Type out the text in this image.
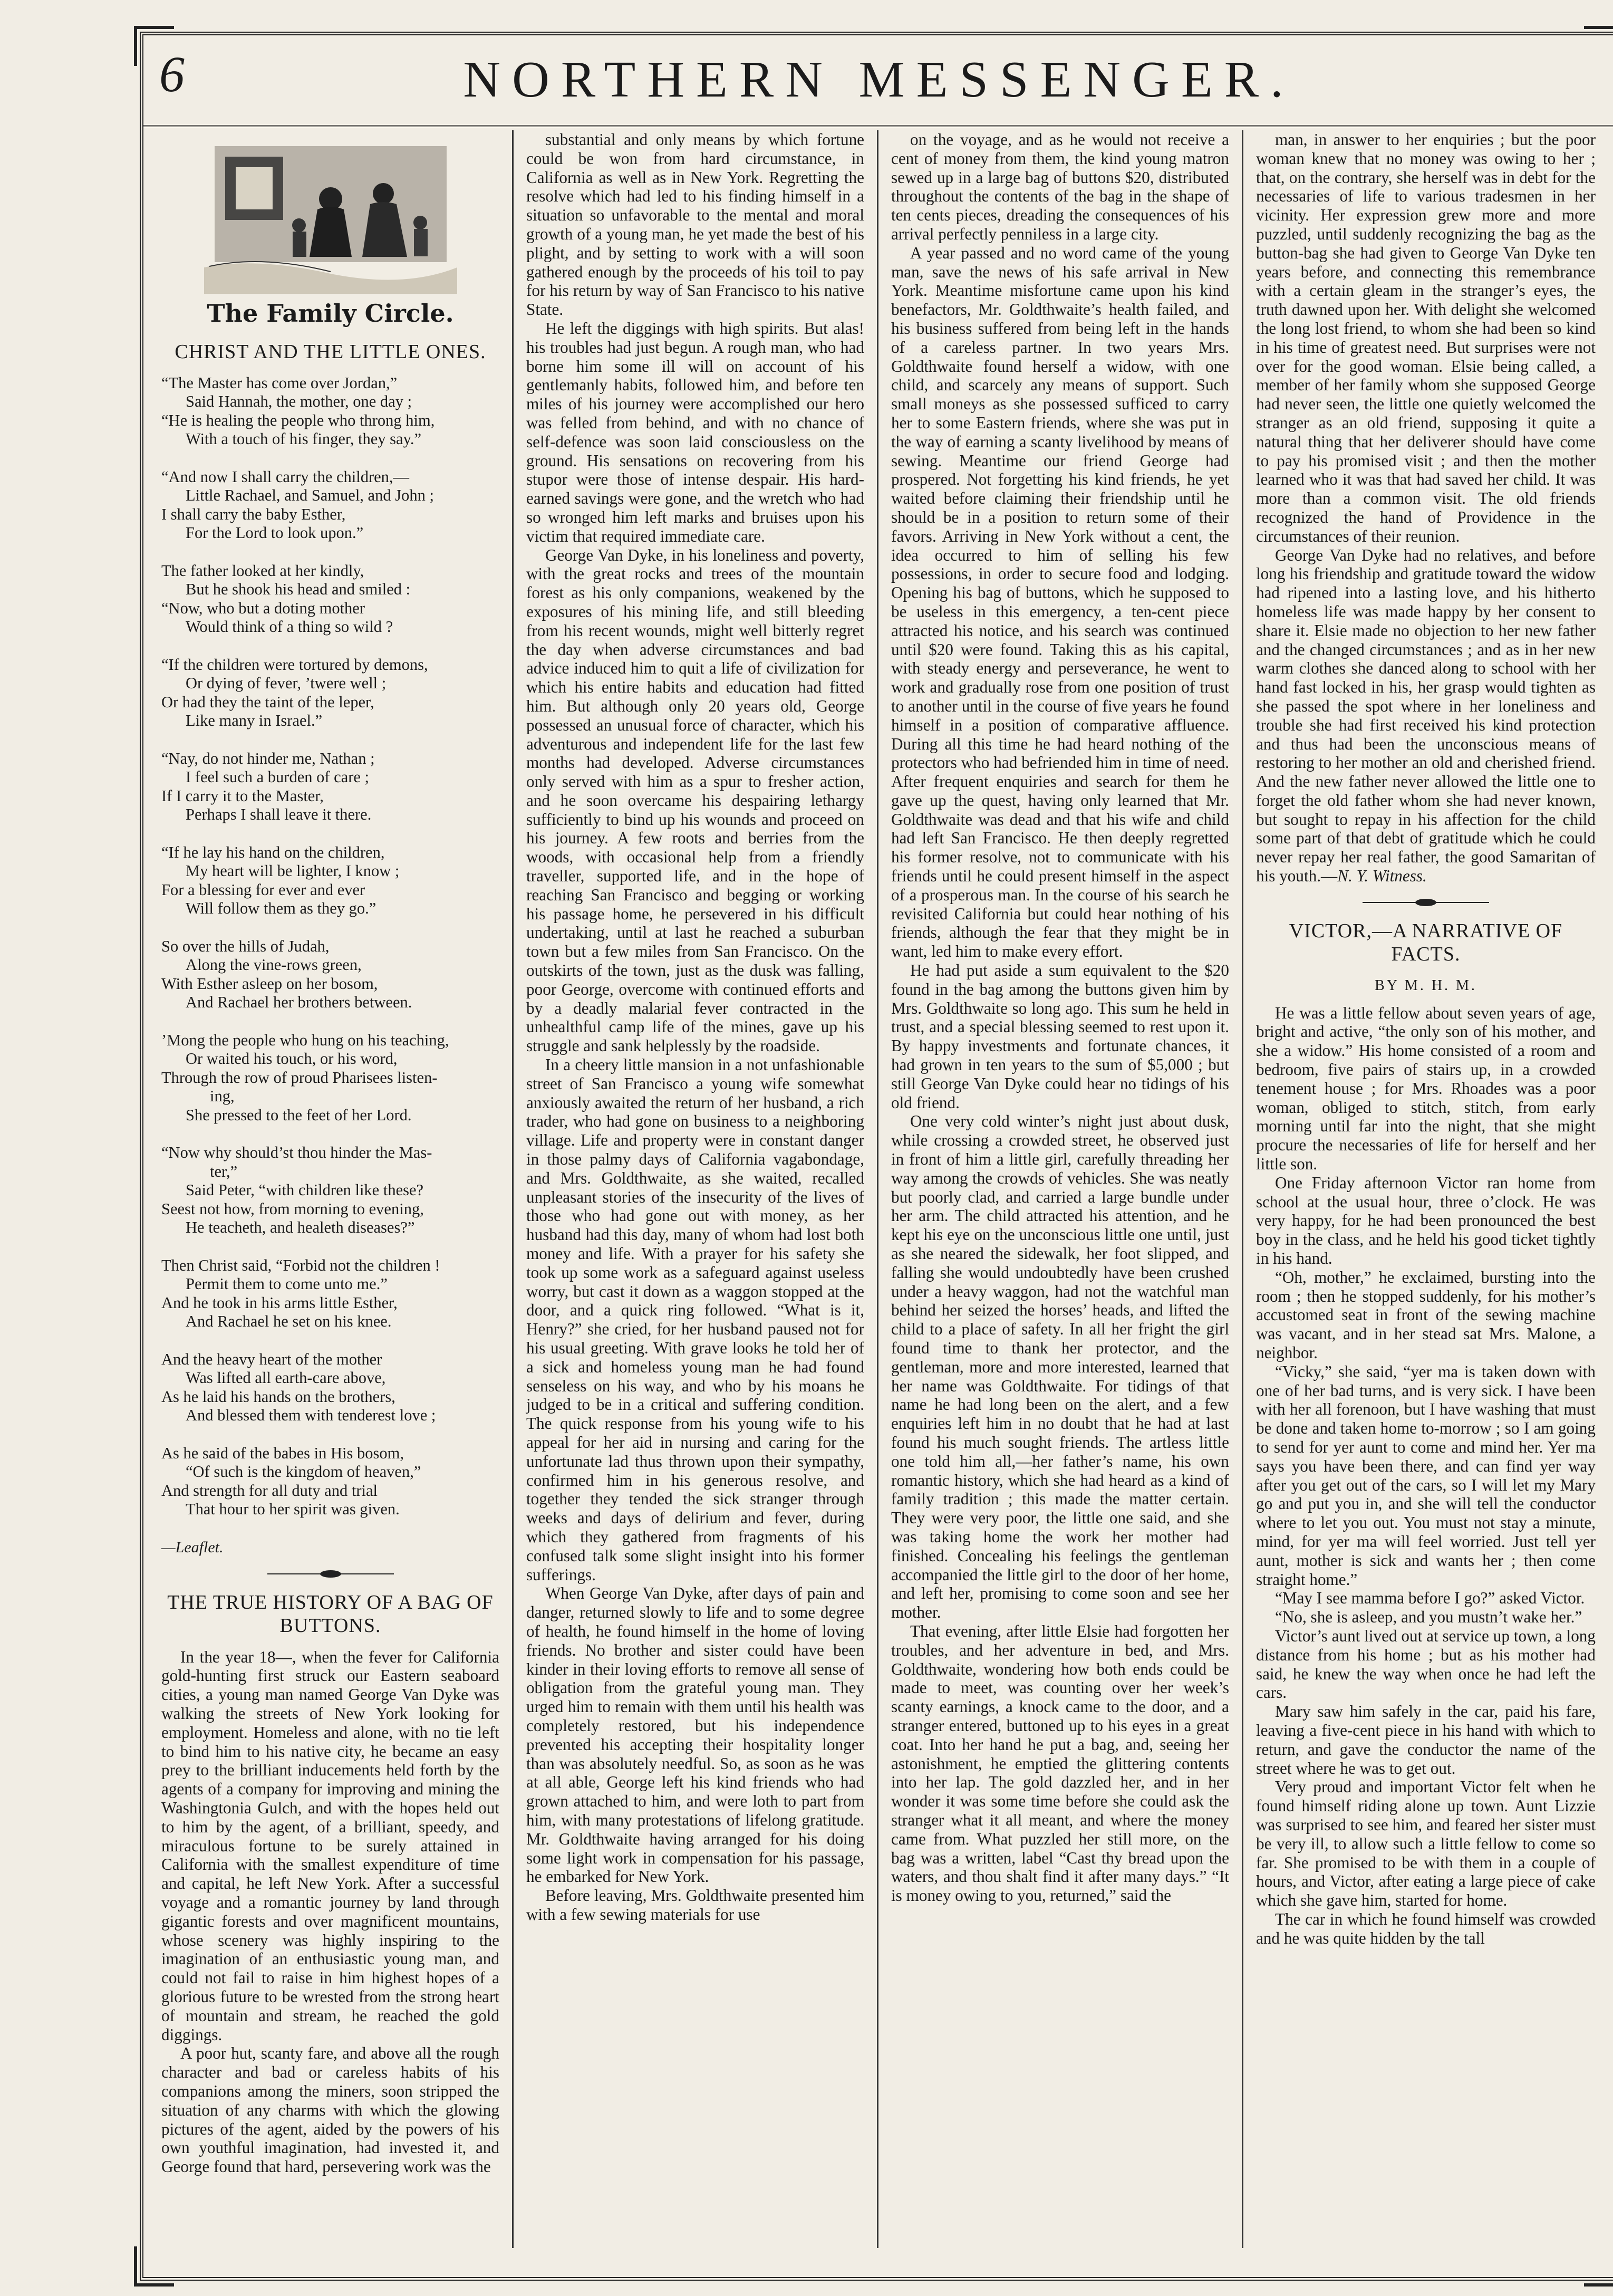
6	NORTHERN MESSENGER.
The Family Circle.
CHRIST AND THE LITTLE ONES.
“The Master has come over Jordan,”
Said Hannah, the mother, one day ;
“He is healing the people who throng him,
With a touch of his finger, they say.”
“And now I shall carry the children,—
Little Rachael, and Samuel, and John ;
I shall carry the baby Esther,
For the Lord to look upon.”
The father looked at her kindly,
But he shook his head and smiled :
“Now, who but a doting mother
Would think of a thing so wild ?
“If the children were tortured by demons,
Or dying of fever, ’twere well ;
Or had they the taint of the leper,
Like many in Israel.”
“Nay, do not hinder me, Nathan ;
I feel such a burden of care ;
If I carry it to the Master,
Perhaps I shall leave it there.
“If he lay his hand on the children,
My heart will be lighter, I know ;
For a blessing for ever and ever
Will follow them as they go.”
So over the hills of Judah,
Along the vine-rows green,
With Esther asleep on her bosom,
And Rachael her brothers between.
’Mong the people who hung on his teaching,
Or waited his touch, or his word,
Through the row of proud Pharisees listen-
ing,
She pressed to the feet of her Lord.
“Now why should’st thou hinder the Mas-
ter,”
Said Peter, “with children like these?
Seest not how, from morning to evening,
He teacheth, and healeth diseases?”
Then Christ said, “Forbid not the children !
Permit them to come unto me.”
And he took in his arms little Esther,
And Rachael he set on his knee.
And the heavy heart of the mother
Was lifted all earth-care above,
As he laid his hands on the brothers,
And blessed them with tenderest love ;
As he said of the babes in His bosom,
“Of such is the kingdom of heaven,”
And strength for all duty and trial
That hour to her spirit was given.
—Leaflet.
THE TRUE HISTORY OF A BAG OF BUTTONS.

In the year 18—, when the fever for California gold-hunting first struck our Eastern seaboard cities, a young man named George Van Dyke was walking the streets of New York looking for employment. Homeless and alone, with no tie left to bind him to his native city, he became an easy prey to the brilliant inducements held forth by the agents of a company for improving and mining the Washingtonia Gulch, and with the hopes held out to him by the agent, of a brilliant, speedy, and miraculous fortune to be surely attained in California with the smallest expenditure of time and capital, he left New York. After a successful voyage and a romantic journey by land through gigantic forests and over magnificent mountains, whose scenery was highly inspiring to the imagination of an enthusiastic young man, and could not fail to raise in him highest hopes of a glorious future to be wrested from the strong heart of mountain and stream, he reached the gold diggings.

A poor hut, scanty fare, and above all the rough character and bad or careless habits of his companions among the miners, soon stripped the situation of any charms with which the glowing pictures of the agent, aided by the powers of his own youthful imagination, had invested it, and George found that hard, persevering work was the

substantial and only means by which fortune could be won from hard circumstance, in California as well as in New York. Regretting the resolve which had led to his finding himself in a situation so unfavorable to the mental and moral growth of a young man, he yet made the best of his plight, and by setting to work with a will soon gathered enough by the proceeds of his toil to pay for his return by way of San Francisco to his native State.

He left the diggings with high spirits. But alas! his troubles had just begun. A rough man, who had borne him some ill will on account of his gentlemanly habits, followed him, and before ten miles of his journey were accomplished our hero was felled from behind, and with no chance of self-defence was soon laid consciousless on the ground. His sensations on recovering from his stupor were those of intense despair. His hard-earned savings were gone, and the wretch who had so wronged him left marks and bruises upon his victim that required immediate care.

George Van Dyke, in his loneliness and poverty, with the great rocks and trees of the mountain forest as his only companions, weakened by the exposures of his mining life, and still bleeding from his recent wounds, might well bitterly regret the day when adverse circumstances and bad advice induced him to quit a life of civilization for which his entire habits and education had fitted him. But although only 20 years old, George possessed an unusual force of character, which his adventurous and independent life for the last few months had developed. Adverse circumstances only served with him as a spur to fresher action, and he soon overcame his despairing lethargy sufficiently to bind up his wounds and proceed on his journey. A few roots and berries from the woods, with occasional help from a friendly traveller, supported life, and in the hope of reaching San Francisco and begging or working his passage home, he persevered in his difficult undertaking, until at last he reached a suburban town but a few miles from San Francisco. On the outskirts of the town, just as the dusk was falling, poor George, overcome with continued efforts and by a deadly malarial fever contracted in the unhealthful camp life of the mines, gave up his struggle and sank helplessly by the roadside.

In a cheery little mansion in a not unfashionable street of San Francisco a young wife somewhat anxiously awaited the return of her husband, a rich trader, who had gone on business to a neighboring village. Life and property were in constant danger in those palmy days of California vagabondage, and Mrs. Goldthwaite, as she waited, recalled unpleasant stories of the insecurity of the lives of those who had gone out with money, as her husband had this day, many of whom had lost both money and life. With a prayer for his safety she took up some work as a safeguard against useless worry, but cast it down as a waggon stopped at the door, and a quick ring followed. “What is it, Henry?” she cried, for her husband paused not for his usual greeting. With grave looks he told her of a sick and homeless young man he had found senseless on his way, and who by his moans he judged to be in a critical and suffering condition. The quick response from his young wife to his appeal for her aid in nursing and caring for the unfortunate lad thus thrown upon their sympathy, confirmed him in his generous resolve, and together they tended the sick stranger through weeks and days of delirium and fever, during which they gathered from fragments of his confused talk some slight insight into his former sufferings.

When George Van Dyke, after days of pain and danger, returned slowly to life and to some degree of health, he found himself in the home of loving friends. No brother and sister could have been kinder in their loving efforts to remove all sense of obligation from the grateful young man. They urged him to remain with them until his health was completely restored, but his independence prevented his accepting their hospitality longer than was absolutely needful. So, as soon as he was at all able, George left his kind friends who had grown attached to him, and were loth to part from him, with many protestations of lifelong gratitude. Mr. Goldthwaite having arranged for his doing some light work in compensation for his passage, he embarked for New York.

Before leaving, Mrs. Goldthwaite presented him with a few sewing materials for use

on the voyage, and as he would not receive a cent of money from them, the kind young matron sewed up in a large bag of buttons $20, distributed throughout the contents of the bag in the shape of ten cents pieces, dreading the consequences of his arrival perfectly penniless in a large city.

A year passed and no word came of the young man, save the news of his safe arrival in New York. Meantime misfortune came upon his kind benefactors, Mr. Goldthwaite’s health failed, and his business suffered from being left in the hands of a careless partner. In two years Mrs. Goldthwaite found herself a widow, with one child, and scarcely any means of support. Such small moneys as she possessed sufficed to carry her to some Eastern friends, where she was put in the way of earning a scanty livelihood by means of sewing. Meantime our friend George had prospered. Not forgetting his kind friends, he yet waited before claiming their friendship until he should be in a position to return some of their favors. Arriving in New York without a cent, the idea occurred to him of selling his few possessions, in order to secure food and lodging. Opening his bag of buttons, which he supposed to be useless in this emergency, a ten-cent piece attracted his notice, and his search was continued until $20 were found. Taking this as his capital, with steady energy and perseverance, he went to work and gradually rose from one position of trust to another until in the course of five years he found himself in a position of comparative affluence. During all this time he had heard nothing of the protectors who had befriended him in time of need. After frequent enquiries and search for them he gave up the quest, having only learned that Mr. Goldthwaite was dead and that his wife and child had left San Francisco. He then deeply regretted his former resolve, not to communicate with his friends until he could present himself in the aspect of a prosperous man. In the course of his search he revisited California but could hear nothing of his friends, although the fear that they might be in want, led him to make every effort.

He had put aside a sum equivalent to the $20 found in the bag among the buttons given him by Mrs. Goldthwaite so long ago. This sum he held in trust, and a special blessing seemed to rest upon it. By happy investments and fortunate chances, it had grown in ten years to the sum of $5,000 ; but still George Van Dyke could hear no tidings of his old friend.

One very cold winter’s night just about dusk, while crossing a crowded street, he observed just in front of him a little girl, carefully threading her way among the crowds of vehicles. She was neatly but poorly clad, and carried a large bundle under her arm. The child attracted his attention, and he kept his eye on the unconscious little one until, just as she neared the sidewalk, her foot slipped, and falling she would undoubtedly have been crushed under a heavy waggon, had not the watchful man behind her seized the horses’ heads, and lifted the child to a place of safety. In all her fright the girl found time to thank her protector, and the gentleman, more and more interested, learned that her name was Goldthwaite. For tidings of that name he had long been on the alert, and a few enquiries left him in no doubt that he had at last found his much sought friends. The artless little one told him all,—her father’s name, his own romantic history, which she had heard as a kind of family tradition ; this made the matter certain. They were very poor, the little one said, and she was taking home the work her mother had finished. Concealing his feelings the gentleman accompanied the little girl to the door of her home, and left her, promising to come soon and see her mother.

That evening, after little Elsie had forgotten her troubles, and her adventure in bed, and Mrs. Goldthwaite, wondering how both ends could be made to meet, was counting over her week’s scanty earnings, a knock came to the door, and a stranger entered, buttoned up to his eyes in a great coat. Into her hand he put a bag, and, seeing her astonishment, he emptied the glittering contents into her lap. The gold dazzled her, and in her wonder it was some time before she could ask the stranger what it all meant, and where the money came from. What puzzled her still more, on the bag was a written, label “Cast thy bread upon the waters, and thou shalt find it after many days.” “It is money owing to you, returned,” said the

man, in answer to her enquiries ; but the poor woman knew that no money was owing to her ; that, on the contrary, she herself was in debt for the necessaries of life to various tradesmen in her vicinity. Her expression grew more and more puzzled, until suddenly recognizing the bag as the button-bag she had given to George Van Dyke ten years before, and connecting this remembrance with a certain gleam in the stranger’s eyes, the truth dawned upon her. With delight she welcomed the long lost friend, to whom she had been so kind in his time of greatest need. But surprises were not over for the good woman. Elsie being called, a member of her family whom she supposed George had never seen, the little one quietly welcomed the stranger as an old friend, supposing it quite a natural thing that her deliverer should have come to pay his promised visit ; and then the mother learned who it was that had saved her child. It was more than a common visit. The old friends recognized the hand of Providence in the circumstances of their reunion.

George Van Dyke had no relatives, and before long his friendship and gratitude toward the widow had ripened into a lasting love, and his hitherto homeless life was made happy by her consent to share it. Elsie made no objection to her new father and the changed circumstances ; and as in her new warm clothes she danced along to school with her hand fast locked in his, her grasp would tighten as she passed the spot where in her loneliness and trouble she had first received his kind protection and thus had been the unconscious means of restoring to her mother an old and cherished friend. And the new father never allowed the little one to forget the old father whom she had never known, but sought to repay in his affection for the child some part of that debt of gratitude which he could never repay her real father, the good Samaritan of his youth.—N. Y. Witness.

VICTOR,—A NARRATIVE OF FACTS.
BY M. H. M.

He was a little fellow about seven years of age, bright and active, “the only son of his mother, and she a widow.” His home consisted of a room and bedroom, five pairs of stairs up, in a crowded tenement house ; for Mrs. Rhoades was a poor woman, obliged to stitch, stitch, from early morning until far into the night, that she might procure the necessaries of life for herself and her little son.

One Friday afternoon Victor ran home from school at the usual hour, three o’clock. He was very happy, for he had been pronounced the best boy in the class, and he held his good ticket tightly in his hand.

“Oh, mother,” he exclaimed, bursting into the room ; then he stopped suddenly, for his mother’s accustomed seat in front of the sewing machine was vacant, and in her stead sat Mrs. Malone, a neighbor.

“Vicky,” she said, “yer ma is taken down with one of her bad turns, and is very sick. I have been with her all forenoon, but I have washing that must be done and taken home to-morrow ; so I am going to send for yer aunt to come and mind her. Yer ma says you have been there, and can find yer way after you get out of the cars, so I will let my Mary go and put you in, and she will tell the conductor where to let you out. You must not stay a minute, mind, for yer ma will feel worried. Just tell yer aunt, mother is sick and wants her ; then come straight home.”

“May I see mamma before I go?” asked Victor.

“No, she is asleep, and you mustn’t wake her.”

Victor’s aunt lived out at service up town, a long distance from his home ; but as his mother had said, he knew the way when once he had left the cars.

Mary saw him safely in the car, paid his fare, leaving a five-cent piece in his hand with which to return, and gave the conductor the name of the street where he was to get out.

Very proud and important Victor felt when he found himself riding alone up town. Aunt Lizzie was surprised to see him, and feared her sister must be very ill, to allow such a little fellow to come so far. She promised to be with them in a couple of hours, and Victor, after eating a large piece of cake which she gave him, started for home.

The car in which he found himself was crowded and he was quite hidden by the tall
